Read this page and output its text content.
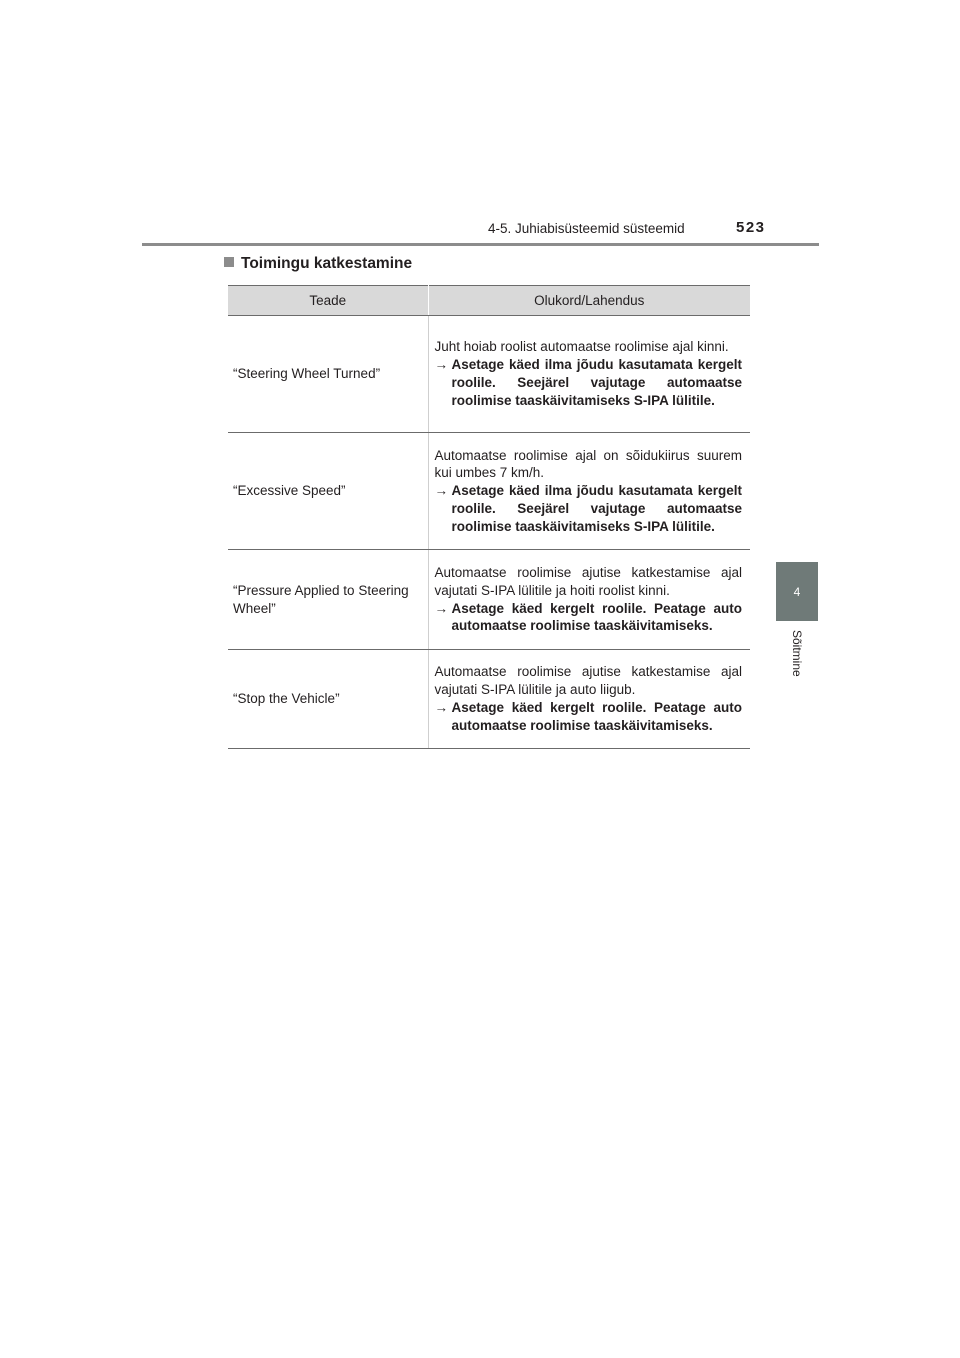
4-5. Juhiabisüsteemid süsteemid	523
4
Sõitmine
Toimingu katkestamine
Teade	Olukord/Lahendus
“Steering Wheel Turned”	Juht hoiab roolist automaatse roolimise ajal kinni.
→ Asetage käed ilma jõudu kasutamata kergelt roolile. Seejärel vajutage automaatse roolimise taaskäivitamiseks S-IPA lülitile.

“Excessive Speed”	Automaatse roolimise ajal on sõidukiirus suurem kui umbes 7 km/h.
→ Asetage käed ilma jõudu kasutamata kergelt roolile. Seejärel vajutage automaatse roolimise taaskäivitamiseks S-IPA lülitile.

“Pressure Applied to Steering Wheel”	Automaatse roolimise ajutise katkestamise ajal vajutati S-IPA lülitile ja hoiti roolist kinni.
→ Asetage käed kergelt roolile. Peatage auto automaatse roolimise taaskäivitamiseks.

“Stop the Vehicle”	Automaatse roolimise ajutise katkestamise ajal vajutati S-IPA lülitile ja auto liigub.
→ Asetage käed kergelt roolile. Peatage auto automaatse roolimise taaskäivitamiseks.
